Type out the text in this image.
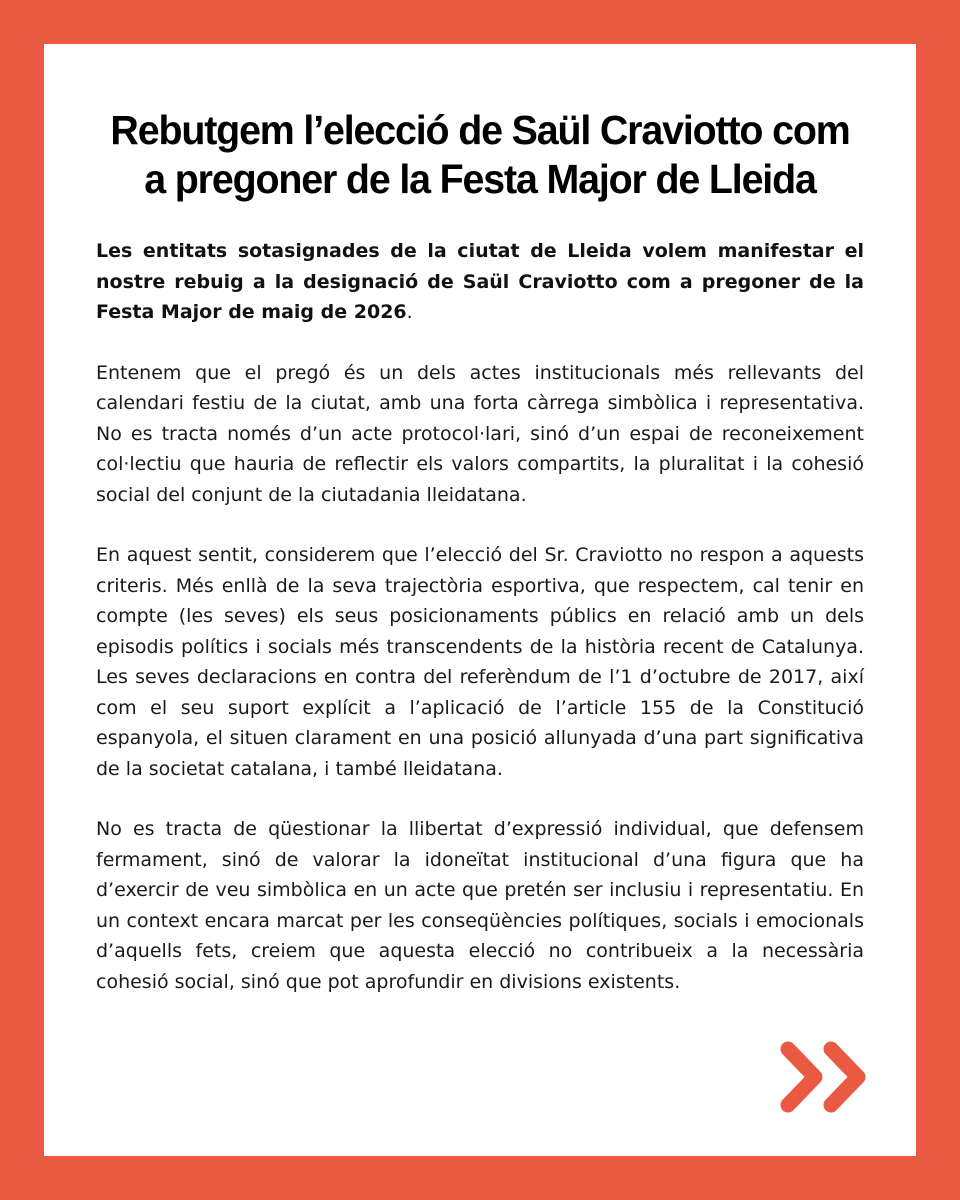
Rebutgem l’elecció de Saül Craviotto com a pregoner de la Festa Major de Lleida

Les entitats sotasignades de la ciutat de Lleida volem manifestar el nostre rebuig a la designació de Saül Craviotto com a pregoner de la Festa Major de maig de 2026.

Entenem que el pregó és un dels actes institucionals més rellevants del calendari festiu de la ciutat, amb una forta càrrega simbòlica i representativa. No es tracta només d’un acte protocol·lari, sinó d’un espai de reconeixement col·lectiu que hauria de reflectir els valors compartits, la pluralitat i la cohesió social del conjunt de la ciutadania lleidatana.

En aquest sentit, considerem que l’elecció del Sr. Craviotto no respon a aquests criteris. Més enllà de la seva trajectòria esportiva, que respectem, cal tenir en compte (les seves) els seus posicionaments públics en relació amb un dels episodis polítics i socials més transcendents de la història recent de Catalunya. Les seves declaracions en contra del referèndum de l’1 d’octubre de 2017, així com el seu suport explícit a l’aplicació de l’article 155 de la Constitució espanyola, el situen clarament en una posició allunyada d’una part significativa de la societat catalana, i també lleidatana.

No es tracta de qüestionar la llibertat d’expressió individual, que defensem fermament, sinó de valorar la idoneïtat institucional d’una figura que ha d’exercir de veu simbòlica en un acte que pretén ser inclusiu i representatiu. En un context encara marcat per les conseqüències polítiques, socials i emocionals d’aquells fets, creiem que aquesta elecció no contribueix a la necessària cohesió social, sinó que pot aprofundir en divisions existents.
